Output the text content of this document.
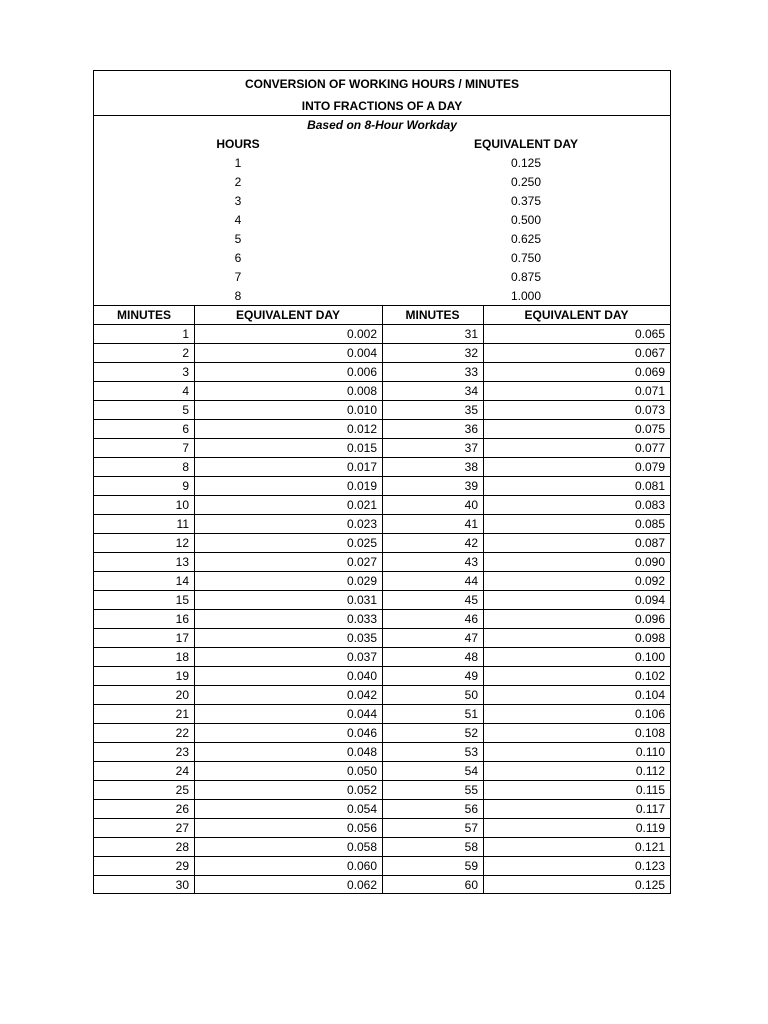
CONVERSION OF WORKING HOURS / MINUTES
INTO FRACTIONS OF A DAY
Based on 8-Hour Workday
HOURS	EQUIVALENT DAY
1	0.125
2	0.250
3	0.375
4	0.500
5	0.625
6	0.750
7	0.875
8	1.000
MINUTES	EQUIVALENT DAY	MINUTES	EQUIVALENT DAY
1	0.002	31	0.065
2	0.004	32	0.067
3	0.006	33	0.069
4	0.008	34	0.071
5	0.010	35	0.073
6	0.012	36	0.075
7	0.015	37	0.077
8	0.017	38	0.079
9	0.019	39	0.081
10	0.021	40	0.083
11	0.023	41	0.085
12	0.025	42	0.087
13	0.027	43	0.090
14	0.029	44	0.092
15	0.031	45	0.094
16	0.033	46	0.096
17	0.035	47	0.098
18	0.037	48	0.100
19	0.040	49	0.102
20	0.042	50	0.104
21	0.044	51	0.106
22	0.046	52	0.108
23	0.048	53	0.110
24	0.050	54	0.112
25	0.052	55	0.115
26	0.054	56	0.117
27	0.056	57	0.119
28	0.058	58	0.121
29	0.060	59	0.123
30	0.062	60	0.125
